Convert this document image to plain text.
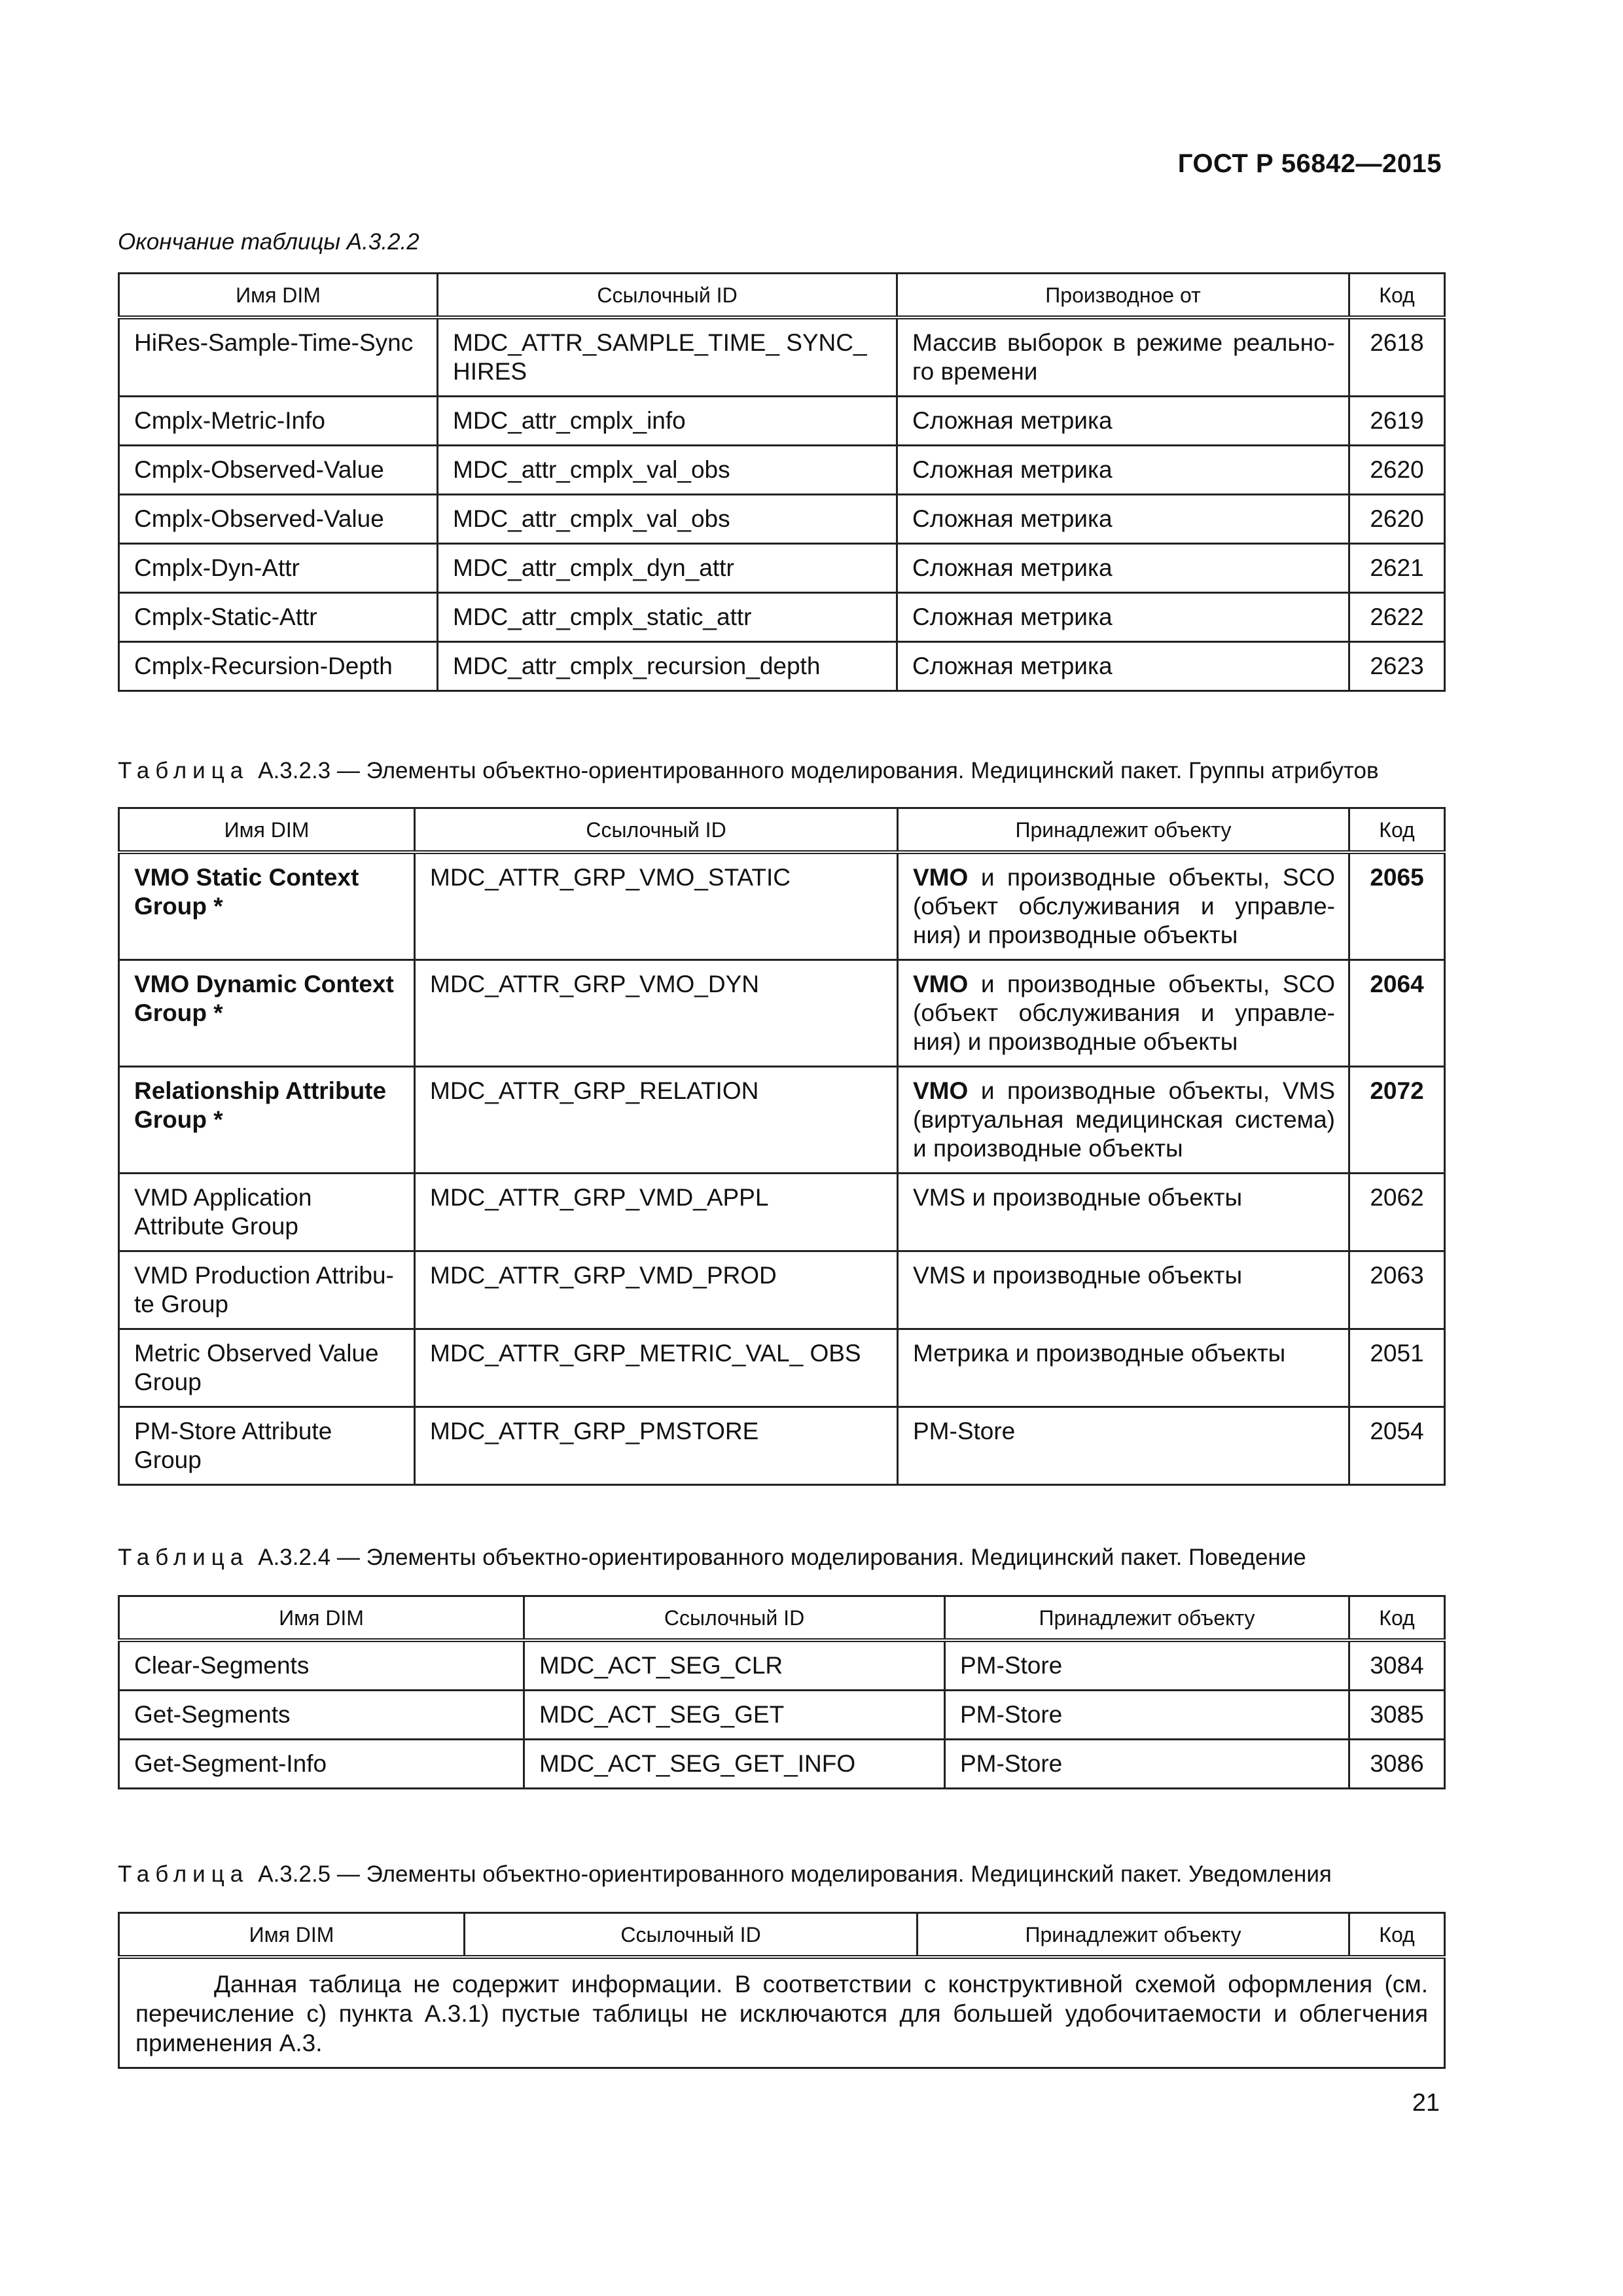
ГОСТ Р 56842—2015
Окончание таблицы А.3.2.2
Имя DIM	Ссылочный ID	Производное от	Код
HiRes-Sample-Time-Sync	MDC_ATTR_SAMPLE_TIME_ SYNC_ HIRES	Массив выборок в режиме реально-го времени	2618
Cmplx-Metric-Info	MDC_attr_cmplx_info	Сложная метрика	2619
Cmplx-Observed-Value	MDC_attr_cmplx_val_obs	Сложная метрика	2620
Cmplx-Observed-Value	MDC_attr_cmplx_val_obs	Сложная метрика	2620
Cmplx-Dyn-Attr	MDC_attr_cmplx_dyn_attr	Сложная метрика	2621
Cmplx-Static-Attr	MDC_attr_cmplx_static_attr	Сложная метрика	2622
Cmplx-Recursion-Depth	MDC_attr_cmplx_recursion_depth	Сложная метрика	2623
Таблица А.3.2.3 — Элементы объектно-ориентированного моделирования. Медицинский пакет. Группы атрибутов
Имя DIM	Ссылочный ID	Принадлежит объекту	Код
VMO Static Context Group *	MDC_ATTR_GRP_VMO_STATIC	VMO и производные объекты, SCO (объект обслуживания и управле-ния) и производные объекты	2065
VMO Dynamic Context Group *	MDC_ATTR_GRP_VMO_DYN	VMO и производные объекты, SCO (объект обслуживания и управле-ния) и производные объекты	2064
Relationship Attribute Group *	MDC_ATTR_GRP_RELATION	VMO и производные объекты, VMS (виртуальная медицинская система) и производные объекты	2072
VMD Application Attribute Group	MDC_ATTR_GRP_VMD_APPL	VMS и производные объекты	2062
VMD Production Attribu-te Group	MDC_ATTR_GRP_VMD_PROD	VMS и производные объекты	2063
Metric Observed Value Group	MDC_ATTR_GRP_METRIC_VAL_ OBS	Метрика и производные объекты	2051
PM-Store Attribute Group	MDC_ATTR_GRP_PMSTORE	PM-Store	2054
Таблица А.3.2.4 — Элементы объектно-ориентированного моделирования. Медицинский пакет. Поведение
Имя DIM	Ссылочный ID	Принадлежит объекту	Код
Clear-Segments	MDC_ACT_SEG_CLR	PM-Store	3084
Get-Segments	MDC_ACT_SEG_GET	PM-Store	3085
Get-Segment-Info	MDC_ACT_SEG_GET_INFO	PM-Store	3086
Таблица А.3.2.5 — Элементы объектно-ориентированного моделирования. Медицинский пакет. Уведомления
Имя DIM	Ссылочный ID	Принадлежит объекту	Код
Данная таблица не содержит информации. В соответствии с конструктивной схемой оформления (см. перечисление с) пункта А.3.1) пустые таблицы не исключаются для большей удобочитаемости и облегчения применения А.3.
21
